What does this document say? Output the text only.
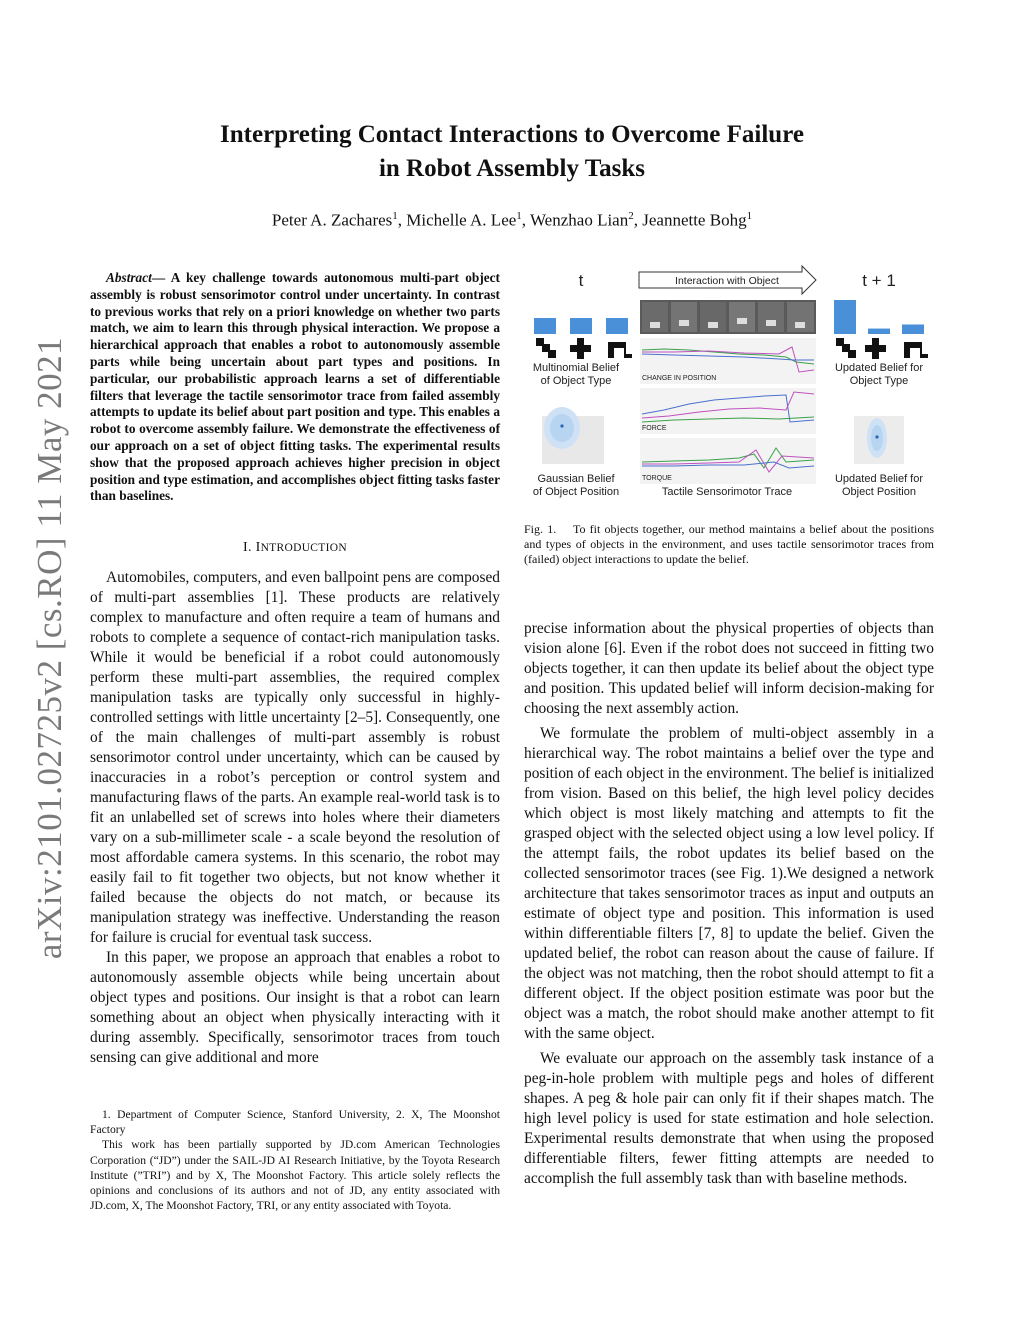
arXiv:2101.02725v2 [cs.RO] 11 May 2021
Interpreting Contact Interactions to Overcome Failure
in Robot Assembly Tasks
Peter A. Zachares$^1$, Michelle A. Lee$^1$, Wenzhao Lian$^2$, Jeannette Bohg$^1$
Abstract— A key challenge towards autonomous multi-part object assembly is robust sensorimotor control under uncertainty. In contrast to previous works that rely on a priori knowledge on whether two parts match, we aim to learn this through physical interaction. We propose a hierarchical approach that enables a robot to autonomously assemble parts while being uncertain about part types and positions. In particular, our probabilistic approach learns a set of differentiable filters that leverage the tactile sensorimotor trace from failed assembly attempts to update its belief about part position and type. This enables a robot to overcome assembly failure. We demonstrate the effectiveness of our approach on a set of object fitting tasks. The experimental results show that the proposed approach achieves higher precision in object position and type estimation, and accomplishes object fitting tasks faster than baselines.
I. INTRODUCTION

Automobiles, computers, and even ballpoint pens are composed of multi-part assemblies [1]. These products are relatively complex to manufacture and often require a team of humans and robots to complete a sequence of contact-rich manipulation tasks. While it would be beneficial if a robot could autonomously perform these multi-part assemblies, the required complex manipulation tasks are typically only successful in highly-controlled settings with little uncertainty [2–5]. Consequently, one of the main challenges of multi-part assembly is robust sensorimotor control under uncertainty, which can be caused by inaccuracies in a robot’s perception or control system and manufacturing flaws of the parts. An example real-world task is to fit an unlabelled set of screws into holes where their diameters vary on a sub-millimeter scale - a scale beyond the resolution of most affordable camera systems. In this scenario, the robot may easily fail to fit together two objects, but not know whether it failed because the objects do not match, or because its manipulation strategy was ineffective. Understanding the reason for failure is crucial for eventual task success.

In this paper, we propose an approach that enables a robot to autonomously assemble objects while being uncertain about object types and positions. Our insight is that a robot can learn something about an object when physically interacting with it during assembly. Specifically, sensorimotor traces from touch sensing can give additional and more

1. Department of Computer Science, Stanford University, 2. X, The Moonshot Factory

This work has been partially supported by JD.com American Technologies Corporation (“JD”) under the SAIL-JD AI Research Initiative, by the Toyota Research Institute (”TRI”) and by X, The Moonshot Factory. This article solely reflects the opinions and conclusions of its authors and not of JD, any entity associated with JD.com, X, The Moonshot Factory, TRI, or any entity associated with Toyota.

t	t + 1
Interaction with Object
Multinomial Belief
of Object Type
Updated Belief for
Object Type
Gaussian Belief
of Object Position
Updated Belief for
Object Position
CHANGE IN POSITION
FORCE
TORQUE
Tactile Sensorimotor Trace
Fig. 1. To fit objects together, our method maintains a belief about the positions and types of objects in the environment, and uses tactile sensorimotor traces from (failed) object interactions to update the belief.

precise information about the physical properties of objects than vision alone [6]. Even if the robot does not succeed in fitting two objects together, it can then update its belief about the object type and position. This updated belief will inform decision-making for choosing the next assembly action.

We formulate the problem of multi-object assembly in a hierarchical way. The robot maintains a belief over the type and position of each object in the environment. The belief is initialized from vision. Based on this belief, the high level policy decides which object is most likely matching and attempts to fit the grasped object with the selected object using a low level policy. If the attempt fails, the robot updates its belief based on the collected sensorimotor traces (see Fig. 1).We designed a network architecture that takes sensorimotor traces as input and outputs an estimate of object type and position. This information is used within differentiable filters [7, 8] to update the belief. Given the updated belief, the robot can reason about the cause of failure. If the object was not matching, then the robot should attempt to fit a different object. If the object position estimate was poor but the object was a match, the robot should make another attempt to fit with the same object.

We evaluate our approach on the assembly task instance of a peg-in-hole problem with multiple pegs and holes of different shapes. A peg & hole pair can only fit if their shapes match. The high level policy is used for state estimation and hole selection. Experimental results demonstrate that when using the proposed differentiable filters, fewer fitting attempts are needed to accomplish the full assembly task than with baseline methods.
